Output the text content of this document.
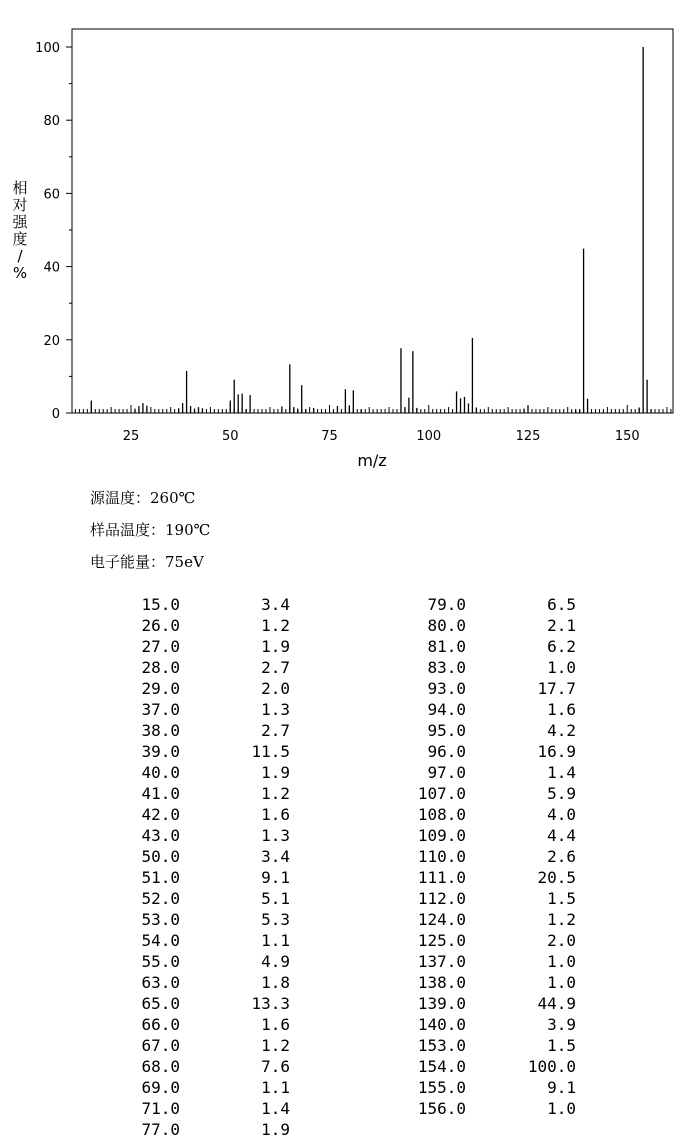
0
20
40
60
80
100
25	50	75	100	125	150
m/z
相对强度/ %
源温度：260℃
样品温度：190℃
电子能量：75eV
15.0	3.4
26.0	1.2
27.0	1.9
28.0	2.7
29.0	2.0
37.0	1.3
38.0	2.7
39.0	11.5
40.0	1.9
41.0	1.2
42.0	1.6
43.0	1.3
50.0	3.4
51.0	9.1
52.0	5.1
53.0	5.3
54.0	1.1
55.0	4.9
63.0	1.8
65.0	13.3
66.0	1.6
67.0	1.2
68.0	7.6
69.0	1.1
71.0	1.4
77.0	1.9
79.0	6.5
80.0	2.1
81.0	6.2
83.0	1.0
93.0	17.7
94.0	1.6
95.0	4.2
96.0	16.9
97.0	1.4
107.0	5.9
108.0	4.0
109.0	4.4
110.0	2.6
111.0	20.5
112.0	1.5
124.0	1.2
125.0	2.0
137.0	1.0
138.0	1.0
139.0	44.9
140.0	3.9
153.0	1.5
154.0	100.0
155.0	9.1
156.0	1.0
